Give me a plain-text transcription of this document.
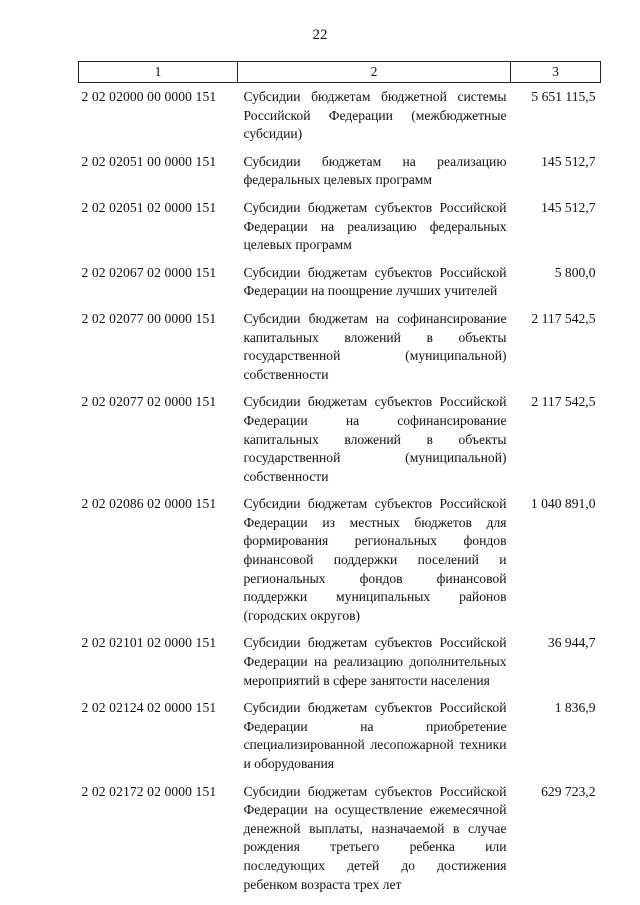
22
1	2	3
2 02 02000 00 0000 151	Субсидии бюджетам бюджетной системы Российской Федерации (межбюджетные субсидии)	5 651 115,5
2 02 02051 00 0000 151	Субсидии бюджетам на реализацию федеральных целевых программ	145 512,7
2 02 02051 02 0000 151	Субсидии бюджетам субъектов Российской Федерации на реализацию федеральных целевых программ	145 512,7
2 02 02067 02 0000 151	Субсидии бюджетам субъектов Российской Федерации на поощрение лучших учителей	5 800,0
2 02 02077 00 0000 151	Субсидии бюджетам на софинансирование капитальных вложений в объекты государственной (муниципальной) собственности	2 117 542,5
2 02 02077 02 0000 151	Субсидии бюджетам субъектов Российской Федерации на софинансирование капитальных вложений в объекты государственной (муниципальной) собственности	2 117 542,5
2 02 02086 02 0000 151	Субсидии бюджетам субъектов Российской Федерации из местных бюджетов для формирования региональных фондов финансовой поддержки поселений и региональных фондов финансовой поддержки муниципальных районов (городских округов)	1 040 891,0
2 02 02101 02 0000 151	Субсидии бюджетам субъектов Российской Федерации на реализацию дополнительных мероприятий в сфере занятости населения	36 944,7
2 02 02124 02 0000 151	Субсидии бюджетам субъектов Российской Федерации на приобретение специализированной лесопожарной техники и оборудования	1 836,9
2 02 02172 02 0000 151	Субсидии бюджетам субъектов Российской Федерации на осуществление ежемесячной денежной выплаты, назначаемой в случае рождения третьего ребенка или последующих детей до достижения ребенком возраста трех лет	629 723,2
